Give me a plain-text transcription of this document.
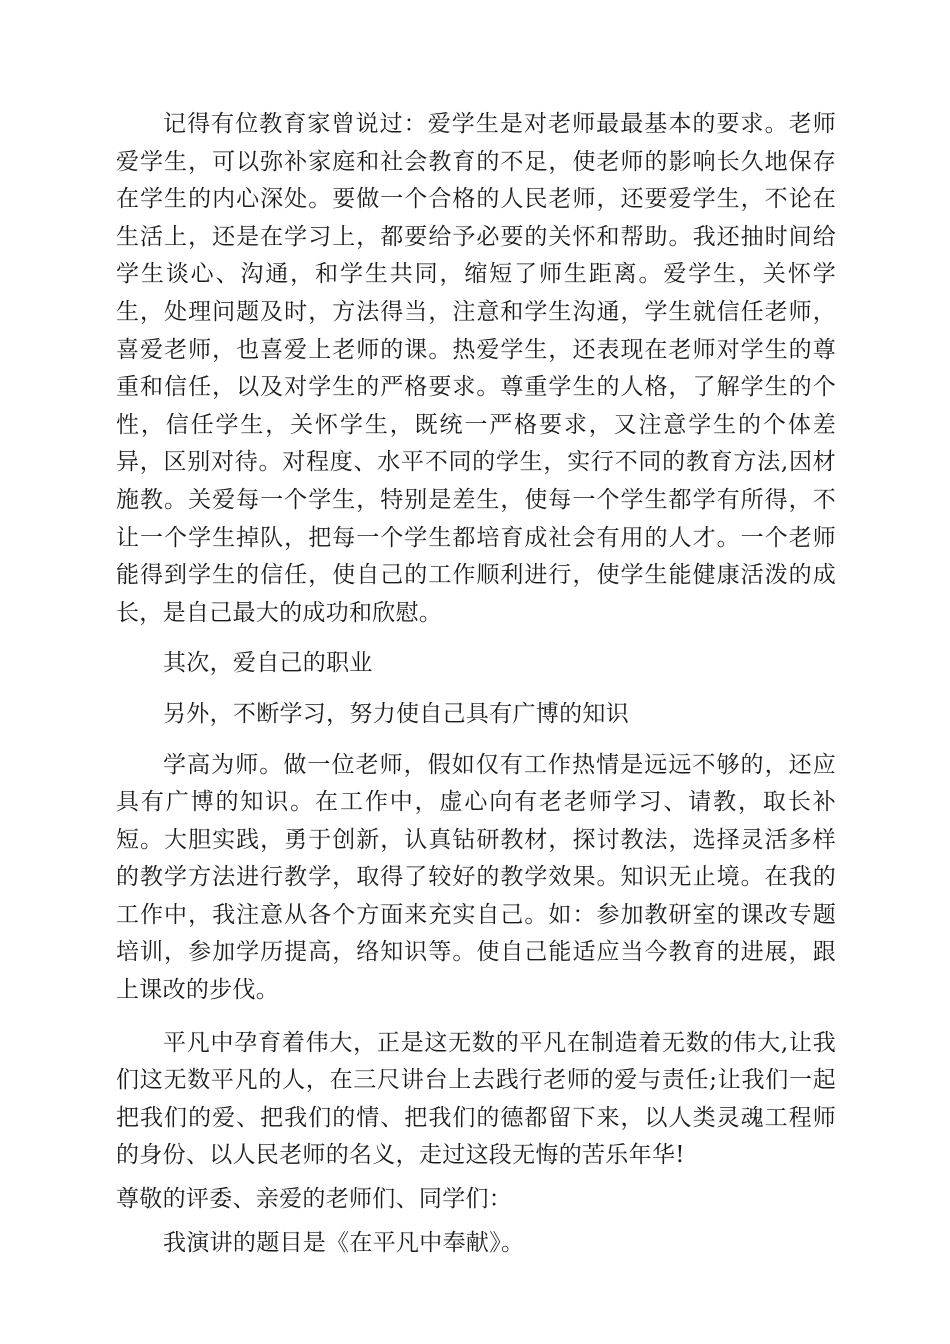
记得有位教育家曾说过：爱学生是对老师最最基本的要求。老师爱学生，可以弥补家庭和社会教育的不足，使老师的影响长久地保存在学生的内心深处。要做一个合格的人民老师，还要爱学生，不论在生活上，还是在学习上，都要给予必要的关怀和帮助。我还抽时间给学生谈心、沟通，和学生共同，缩短了师生距离。爱学生，关怀学生，处理问题及时，方法得当，注意和学生沟通，学生就信任老师，喜爱老师，也喜爱上老师的课。热爱学生，还表现在老师对学生的尊重和信任，以及对学生的严格要求。尊重学生的人格，了解学生的个性，信任学生，关怀学生，既统一严格要求，又注意学生的个体差异，区别对待。对程度、水平不同的学生，实行不同的教育方法,因材施教。关爱每一个学生，特别是差生，使每一个学生都学有所得，不让一个学生掉队，把每一个学生都培育成社会有用的人才。一个老师能得到学生的信任，使自己的工作顺利进行，使学生能健康活泼的成长，是自己最大的成功和欣慰。

其次，爱自己的职业

另外，不断学习，努力使自己具有广博的知识

学高为师。做一位老师，假如仅有工作热情是远远不够的，还应具有广博的知识。在工作中，虚心向有老老师学习、请教，取长补短。大胆实践，勇于创新，认真钻研教材，探讨教法，选择灵活多样的教学方法进行教学，取得了较好的教学效果。知识无止境。在我的工作中，我注意从各个方面来充实自己。如：参加教研室的课改专题培训，参加学历提高，络知识等。使自己能适应当今教育的进展，跟上课改的步伐。

平凡中孕育着伟大，正是这无数的平凡在制造着无数的伟大,让我们这无数平凡的人，在三尺讲台上去践行老师的爱与责任;让我们一起把我们的爱、把我们的情、把我们的德都留下来，以人类灵魂工程师的身份、以人民老师的名义，走过这段无悔的苦乐年华!

尊敬的评委、亲爱的老师们、同学们：

我演讲的题目是《在平凡中奉献》。
